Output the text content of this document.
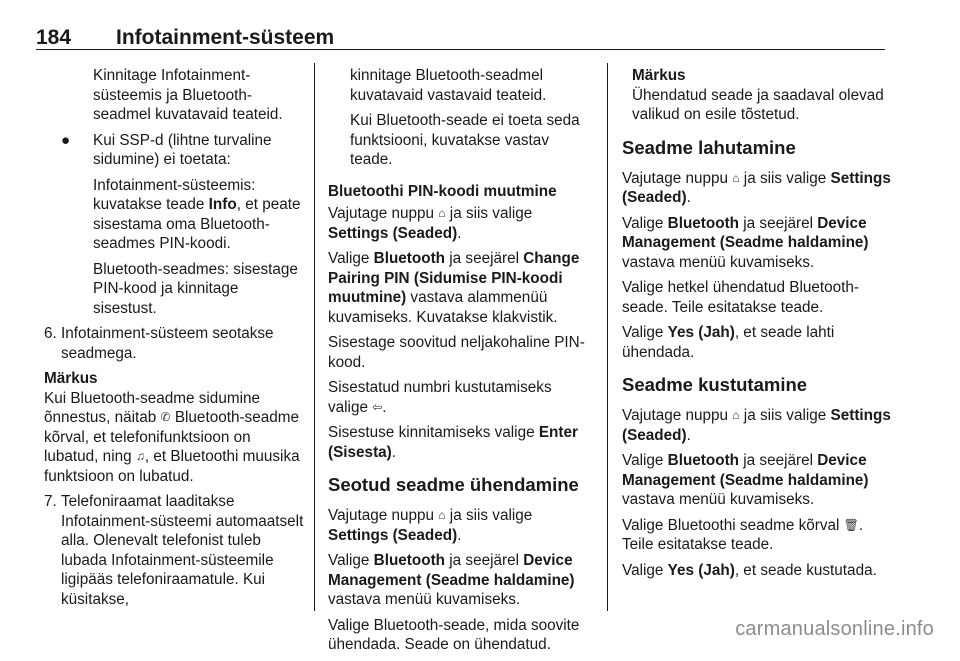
184 Infotainment-süsteem

Kinnitage Infotainment-süsteemis ja Bluetooth-seadmel kuvatavaid teateid.

●	Kui SSP-d (lihtne turvaline sidumine) ei toetata:

Infotainment-süsteemis: kuvatakse teade Info, et peate sisestama oma Bluetooth-seadmes PIN-koodi.

Bluetooth-seadmes: sisestage PIN-kood ja kinnitage sisestust.

6. Infotainment-süsteem seotakse seadmega.

Märkus

Kui Bluetooth-seadme sidumine õnnestus, näitab ✆ Bluetooth-seadme kõrval, et telefonifunktsioon on lubatud, ning ♫, et Bluetoothi muusika funktsioon on lubatud.

7. Telefoniraamat laaditakse Infotainment-süsteemi automaatselt alla. Olenevalt telefonist tuleb lubada Infotainment-süsteemile ligipääs telefoniraamatule. Kui küsitakse,

kinnitage Bluetooth-seadmel kuvatavaid vastavaid teateid.

Kui Bluetooth-seade ei toeta seda funktsiooni, kuvatakse vastav teade.

Bluetoothi PIN-koodi muutmine

Vajutage nuppu ⌂ ja siis valige Settings (Seaded).

Valige Bluetooth ja seejärel Change Pairing PIN (Sidumise PIN-koodi muutmine) vastava alammenüü kuvamiseks. Kuvatakse klakvistik.

Sisestage soovitud neljakohaline PIN-kood.

Sisestatud numbri kustutamiseks valige ⇦.

Sisestuse kinnitamiseks valige Enter (Sisesta).

Seotud seadme ühendamine

Vajutage nuppu ⌂ ja siis valige Settings (Seaded).

Valige Bluetooth ja seejärel Device Management (Seadme haldamine) vastava menüü kuvamiseks.

Valige Bluetooth-seade, mida soovite ühendada. Seade on ühendatud.

Märkus

Ühendatud seade ja saadaval olevad valikud on esile tõstetud.

Seadme lahutamine

Vajutage nuppu ⌂ ja siis valige Settings (Seaded).

Valige Bluetooth ja seejärel Device Management (Seadme haldamine) vastava menüü kuvamiseks.

Valige hetkel ühendatud Bluetooth-seade. Teile esitatakse teade.

Valige Yes (Jah), et seade lahti ühendada.

Seadme kustutamine

Vajutage nuppu ⌂ ja siis valige Settings (Seaded).

Valige Bluetooth ja seejärel Device Management (Seadme haldamine) vastava menüü kuvamiseks.

Valige Bluetoothi seadme kõrval 🗑. Teile esitatakse teade.

Valige Yes (Jah), et seade kustutada.

carmanualsonline.info
